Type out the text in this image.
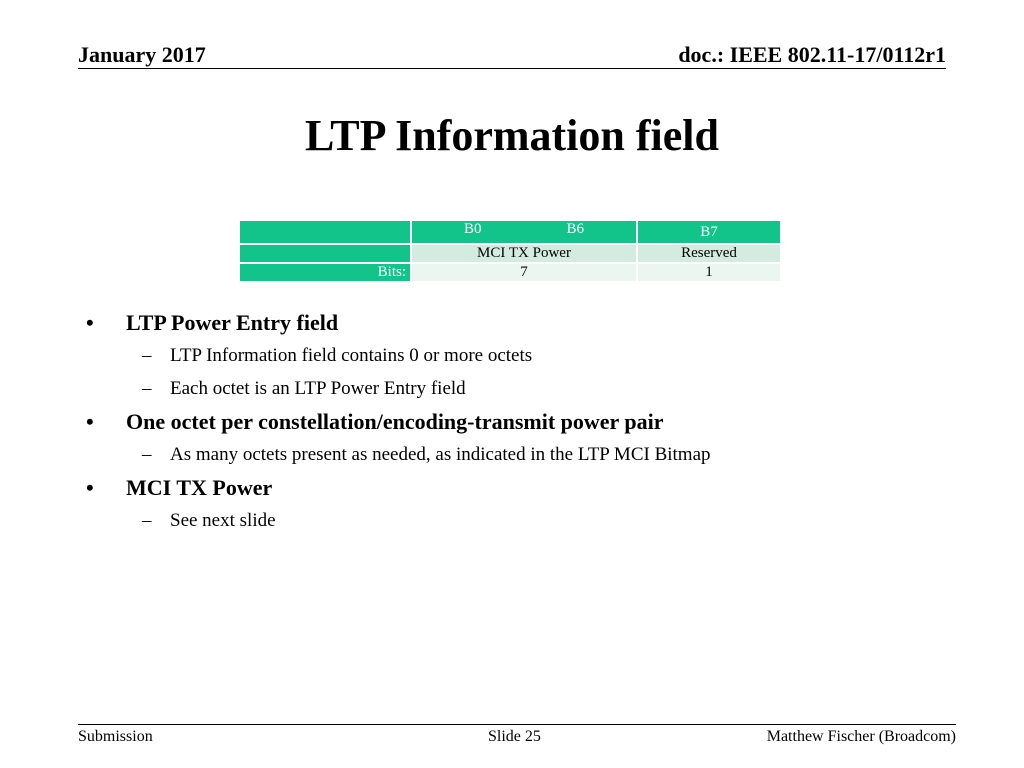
January 2017	doc.: IEEE 802.11-17/0112r1
LTP Information field

	B0 B6	B7
	MCI TX Power	Reserved
Bits:	7	1
• LTP Power Entry field
– LTP Information field contains 0 or more octets
– Each octet is an LTP Power Entry field
• One octet per constellation/encoding-transmit power pair
– As many octets present as needed, as indicated in the LTP MCI Bitmap
• MCI TX Power
– See next slide
Submission	Slide 25	Matthew Fischer (Broadcom)
